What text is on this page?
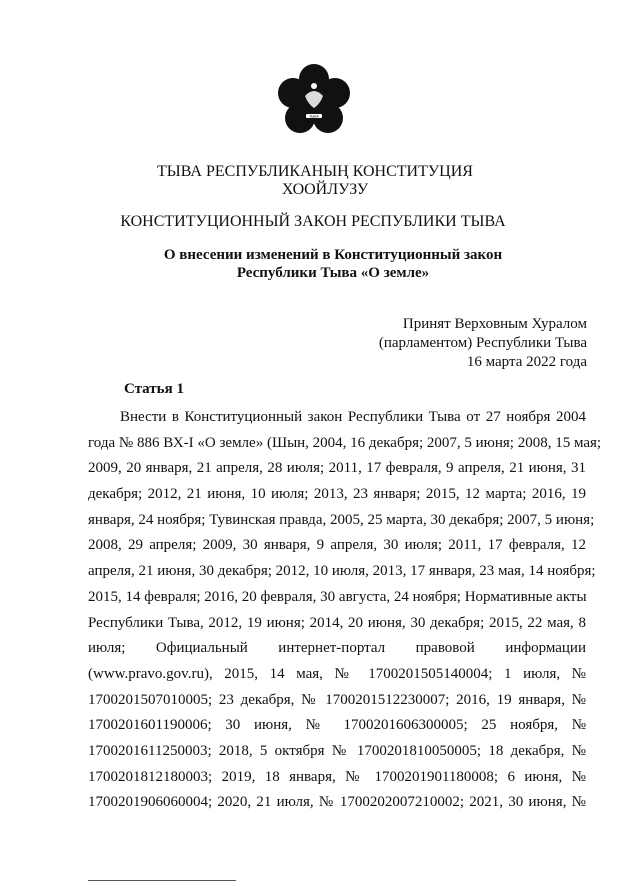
ТЫВА
ТЫВА РЕСПУБЛИКАНЫҢ КОНСТИТУЦИЯ
ХООЙЛУЗУ
КОНСТИТУЦИОННЫЙ ЗАКОН РЕСПУБЛИКИ ТЫВА
О внесении изменений в Конституционный закон
Республики Тыва «О земле»
Принят Верховным Хуралом
(парламентом) Республики Тыва
16 марта 2022 года
Статья 1
Внести в Конституционный закон Республики Тыва от 27 ноября 2004
года № 886 ВХ-I «О земле» (Шын, 2004, 16 декабря; 2007, 5 июня; 2008, 15 мая;
2009, 20 января, 21 апреля, 28 июля; 2011, 17 февраля, 9 апреля, 21 июня, 31
декабря; 2012, 21 июня, 10 июля; 2013, 23 января; 2015, 12 марта; 2016, 19
января, 24 ноября; Тувинская правда, 2005, 25 марта, 30 декабря; 2007, 5 июня;
2008, 29 апреля; 2009, 30 января, 9 апреля, 30 июля; 2011, 17 февраля, 12
апреля, 21 июня, 30 декабря; 2012, 10 июля, 2013, 17 января, 23 мая, 14 ноября;
2015, 14 февраля; 2016, 20 февраля, 30 августа, 24 ноября; Нормативные акты
Республики Тыва, 2012, 19 июня; 2014, 20 июня, 30 декабря; 2015, 22 мая, 8
июля; Официальный интернет-портал правовой информации
(www.pravo.gov.ru), 2015, 14 мая, № 1700201505140004; 1 июля, №
1700201507010005; 23 декабря, № 1700201512230007; 2016, 19 января, №
1700201601190006; 30 июня, № 1700201606300005; 25 ноября, №
1700201611250003; 2018, 5 октября № 1700201810050005; 18 декабря, №
1700201812180003; 2019, 18 января, № 1700201901180008; 6 июня, №
1700201906060004; 2020, 21 июля, № 1700202007210002; 2021, 30 июня, №
